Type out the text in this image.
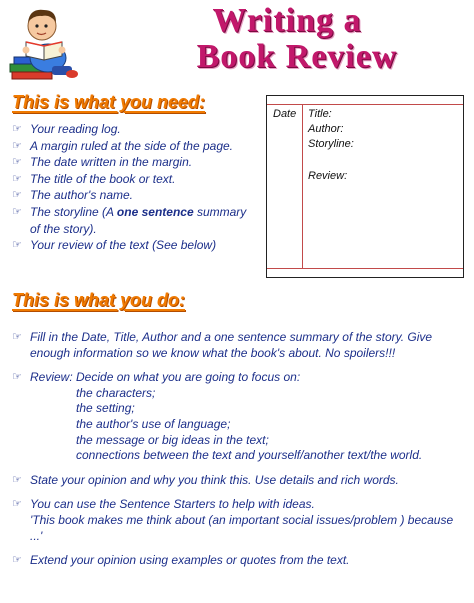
Writing a
Book Review
This is what you need:
☞ Your reading log.
☞ A margin ruled at the side of the page.
☞ The date written in the margin.
☞ The title of the book or text.
☞ The author's name.
☞ The storyline (A one sentence summary of the story).
☞ Your review of the text (See below)
Date Title:
Author:
Storyline:
Review:
This is what you do:
☞ Fill in the Date, Title, Author and a one sentence summary of the story. Give enough information so we know what the book's about. No spoilers!!!
☞ Review: Decide on what you are going to focus on:
the characters;
the setting;
the author's use of language;
the message or big ideas in the text;
connections between the text and yourself/another text/the world.
☞ State your opinion and why you think this. Use details and rich words.
☞ You can use the Sentence Starters to help with ideas.
'This book makes me think about (an important social issues/problem ) because ...'
☞ Extend your opinion using examples or quotes from the text.
